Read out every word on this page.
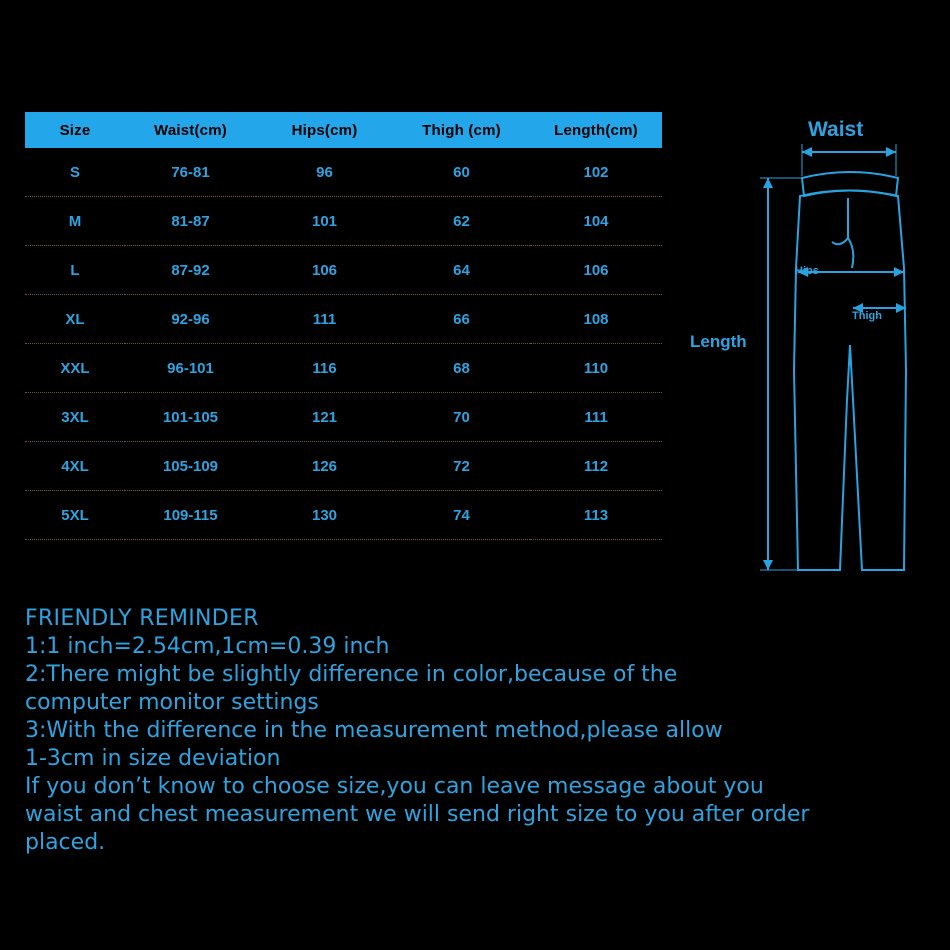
Size	Waist(cm)	Hips(cm)	Thigh (cm)	Length(cm)
S	76-81	96	60	102
M	81-87	101	62	104
L	87-92	106	64	106
XL	92-96	111	66	108
XXL	96-101	116	68	110
3XL	101-105	121	70	111
4XL	105-109	126	72	112
5XL	109-115	130	74	113
Waist
Hips
Thigh
Length
FRIENDLY REMINDER
1:1 inch=2.54cm,1cm=0.39 inch
2:There might be slightly difference in color,because of the
computer monitor settings
3:With the difference in the measurement method,please allow
1-3cm in size deviation
If you don’t know to choose size,you can leave message about you
waist and chest measurement we will send right size to you after order
placed.
